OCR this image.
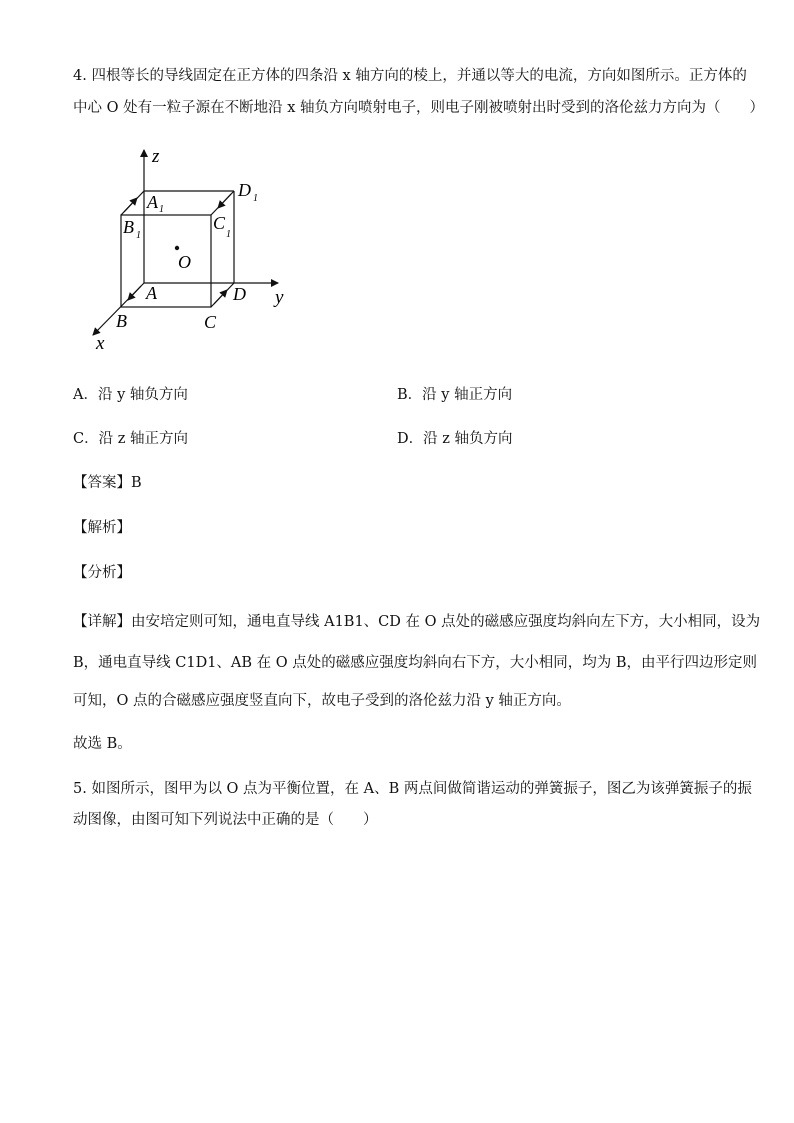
4. 四根等长的导线固定在正方体的四条沿 x 轴方向的棱上，并通以等大的电流，方向如图所示。正方体的
中心 O 处有一粒子源在不断地沿 x 轴负方向喷射电子，则电子刚被喷射出时受到的洛伦兹力方向为（　　）
z
y
x
O
A
B	C
D
A 1
B 1
C
1
D 1
A．沿 y 轴负方向	B．沿 y 轴正方向
C．沿 z 轴正方向	D．沿 z 轴负方向
【答案】B
【解析】
【分析】
【详解】由安培定则可知，通电直导线 A1B1、CD 在 O 点处的磁感应强度均斜向左下方，大小相同，设为
B，通电直导线 C1D1、AB 在 O 点处的磁感应强度均斜向右下方，大小相同，均为 B，由平行四边形定则
可知，O 点的合磁感应强度竖直向下，故电子受到的洛伦兹力沿 y 轴正方向。
故选 B。
5. 如图所示，图甲为以 O 点为平衡位置，在 A、B 两点间做简谐运动的弹簧振子，图乙为该弹簧振子的振
动图像，由图可知下列说法中正确的是（　　）
